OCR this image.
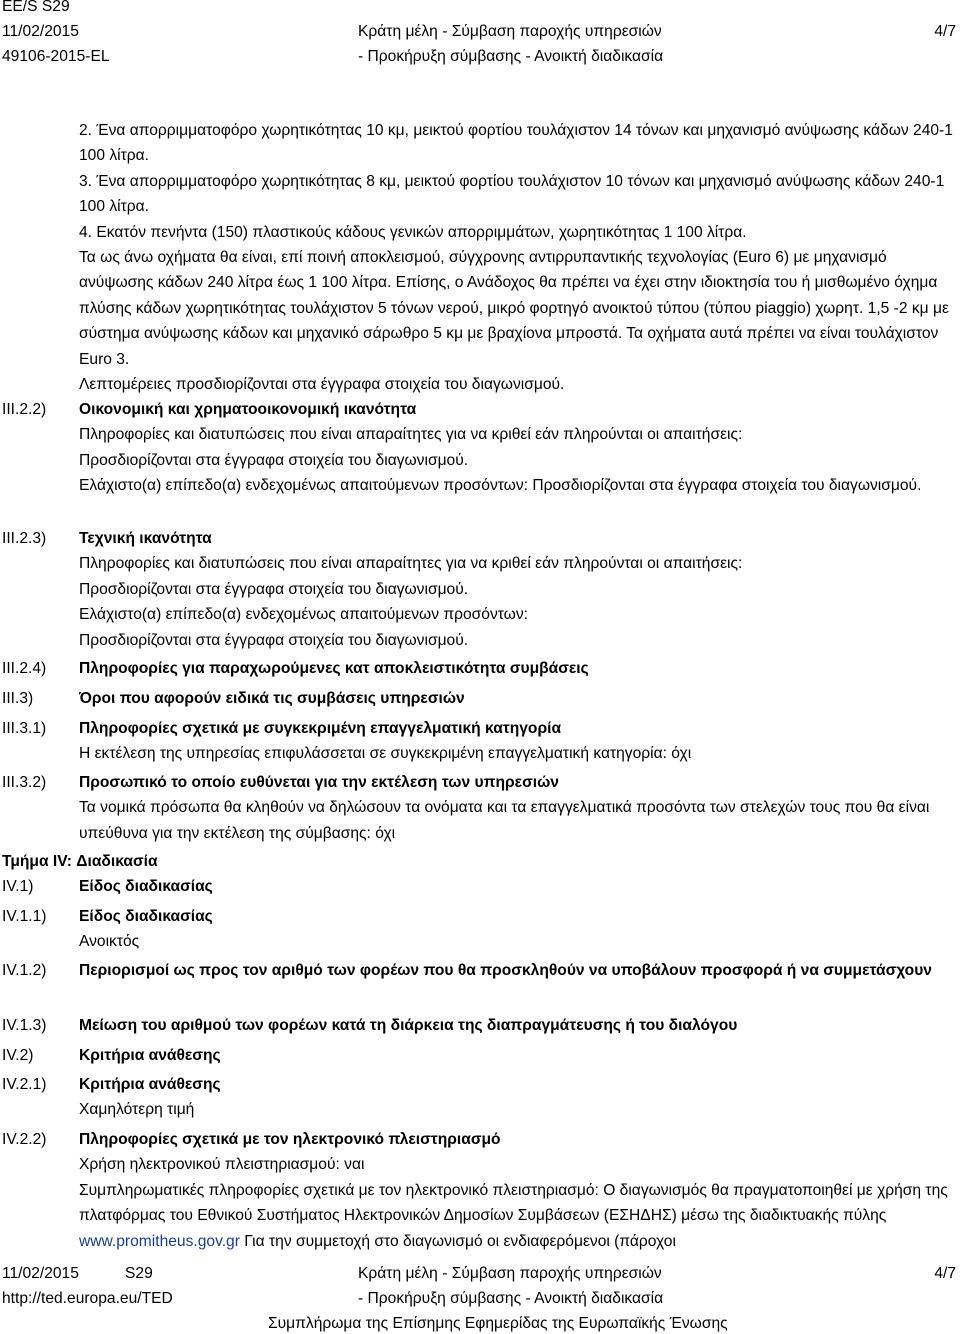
EE/S S29
11/02/2015
49106-2015-EL
Κράτη μέλη - Σύμβαση παροχής υπηρεσιών
- Προκήρυξη σύμβασης - Ανοικτή διαδικασία
4/7

2. Ένα απορριμματοφόρο χωρητικότητας 10 κμ, μεικτού φορτίου τουλάχιστον 14 τόνων και μηχανισμό ανύψωσης κάδων 240-1 100 λίτρα.

3. Ένα απορριμματοφόρο χωρητικότητας 8 κμ, μεικτού φορτίου τουλάχιστον 10 τόνων και μηχανισμό ανύψωσης κάδων 240-1 100 λίτρα.

4. Εκατόν πενήντα (150) πλαστικούς κάδους γενικών απορριμμάτων, χωρητικότητας 1 100 λίτρα.

Τα ως άνω οχήματα θα είναι, επί ποινή αποκλεισμού, σύγχρονης αντιρρυπαντικής τεχνολογίας (Euro 6) με μηχανισμό ανύψωσης κάδων 240 λίτρα έως 1 100 λίτρα. Επίσης, ο Ανάδοχος θα πρέπει να έχει στην ιδιοκτησία του ή μισθωμένο όχημα πλύσης κάδων χωρητικότητας τουλάχιστον 5 τόνων νερού, μικρό φορτηγό ανοικτού τύπου (τύπου piaggio) χωρητ. 1,5 -2 κμ με σύστημα ανύψωσης κάδων και μηχανικό σάρωθρο 5 κμ με βραχίονα μπροστά. Τα οχήματα αυτά πρέπει να είναι τουλάχιστον Euro 3.

Λεπτομέρειες προσδιορίζονται στα έγγραφα στοιχεία του διαγωνισμού.

III.2.2) Οικονομική και χρηματοοικονομική ικανότητα

Πληροφορίες και διατυπώσεις που είναι απαραίτητες για να κριθεί εάν πληρούνται οι απαιτήσεις:

Προσδιορίζονται στα έγγραφα στοιχεία του διαγωνισμού.

Ελάχιστο(α) επίπεδο(α) ενδεχομένως απαιτούμενων προσόντων: Προσδιορίζονται στα έγγραφα στοιχεία του διαγωνισμού.

III.2.3) Τεχνική ικανότητα

Πληροφορίες και διατυπώσεις που είναι απαραίτητες για να κριθεί εάν πληρούνται οι απαιτήσεις:

Προσδιορίζονται στα έγγραφα στοιχεία του διαγωνισμού.

Ελάχιστο(α) επίπεδο(α) ενδεχομένως απαιτούμενων προσόντων:

Προσδιορίζονται στα έγγραφα στοιχεία του διαγωνισμού.

III.2.4) Πληροφορίες για παραχωρούμενες κατ αποκλειστικότητα συμβάσεις

III.3)	Όροι που αφορούν ειδικά τις συμβάσεις υπηρεσιών

III.3.1) Πληροφορίες σχετικά με συγκεκριμένη επαγγελματική κατηγορία

Η εκτέλεση της υπηρεσίας επιφυλάσσεται σε συγκεκριμένη επαγγελματική κατηγορία: όχι

III.3.2) Προσωπικό το οποίο ευθύνεται για την εκτέλεση των υπηρεσιών

Τα νομικά πρόσωπα θα κληθούν να δηλώσουν τα ονόματα και τα επαγγελματικά προσόντα των στελεχών τους που θα είναι υπεύθυνα για την εκτέλεση της σύμβασης: όχι

Τμήμα IV: Διαδικασία
IV.1)	Είδος διαδικασίας

IV.1.1) Είδος διαδικασίας

Ανοικτός

IV.1.2) Περιορισμοί ως προς τον αριθμό των φορέων που θα προσκληθούν να υποβάλουν προσφορά ή να συμμετάσχουν

IV.1.3) Μείωση του αριθμού των φορέων κατά τη διάρκεια της διαπραγμάτευσης ή του διαλόγου

IV.2)	Κριτήρια ανάθεσης

IV.2.1) Κριτήρια ανάθεσης

Χαμηλότερη τιμή

IV.2.2) Πληροφορίες σχετικά με τον ηλεκτρονικό πλειστηριασμό

Χρήση ηλεκτρονικού πλειστηριασμού: ναι

Συμπληρωματικές πληροφορίες σχετικά με τον ηλεκτρονικό πλειστηριασμό: Ο διαγωνισμός θα πραγματοποιηθεί με χρήση της πλατφόρμας του Εθνικού Συστήματος Ηλεκτρονικών Δημοσίων Συμβάσεων (ΕΣΗΔΗΣ) μέσω της διαδικτυακής πύλης www.promitheus.gov.gr Για την συμμετοχή στο διαγωνισμό οι ενδιαφερόμενοι (πάροχοι

11/02/2015	S29
http://ted.europa.eu/TED
Κράτη μέλη - Σύμβαση παροχής υπηρεσιών
- Προκήρυξη σύμβασης - Ανοικτή διαδικασία
Συμπλήρωμα της Επίσημης Εφημερίδας της Ευρωπαϊκής Ένωσης
4/7
